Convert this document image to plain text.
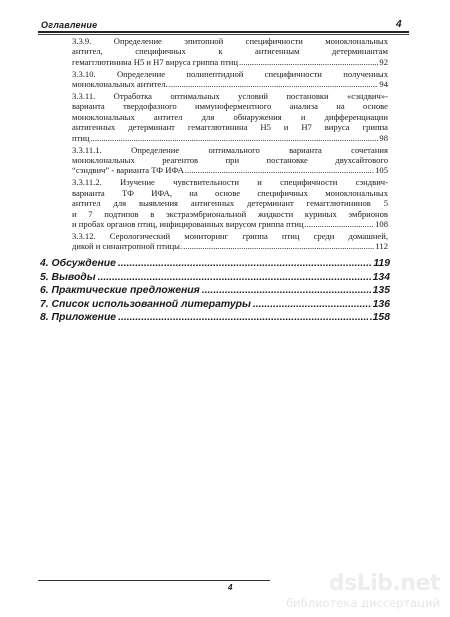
Оглавление	4
3.3.9. Определение эпитопной специфичности моноклональных
антител, специфичных к антигенным детерминантам
гемагглютинина Н5 и Н7 вируса гриппа птиц .....	92
3.3.10. Определение полипептидной специфичности полученных
моноклональных антител. .....	94
3.3.11. Отработка оптимальных условий постановки «сэндвич»-
варианта твердофазного иммуноферментного анализа на основе
моноклональных антител для обнаружения и дифференциации
антигенных детерминант гемагглютинина Н5 и Н7 вируса гриппа
птиц .....	98
3.3.11.1. Определение оптимального варианта сочетания
моноклональных реагентов при постановке двухсайтового
“сэндвич” - варианта ТФ ИФА .....	105
3.3.11.2. Изучение чувствительности и специфичности сэндвич-
варианта ТФ ИФА, на основе специфичных моноклональных
антител для выявления антигенных детерминант гемагглютининов 5
и 7 подтипов в экстраэмбриональной жидкости куриных эмбрионов
и пробах органов птиц, инфицированных вирусом гриппа птиц .....	108
3.3.12. Серологический мониторинг гриппа птиц среди домашней,
дикой и синантропной птицы. .....	112
4. Обсуждение .....	119
5. Выводы .....	134
6. Практические предложения .....	135
7. Список использованной литературы .....	136
8. Приложение .....	.158
4	dsLib.net
библиотека диссертаций
